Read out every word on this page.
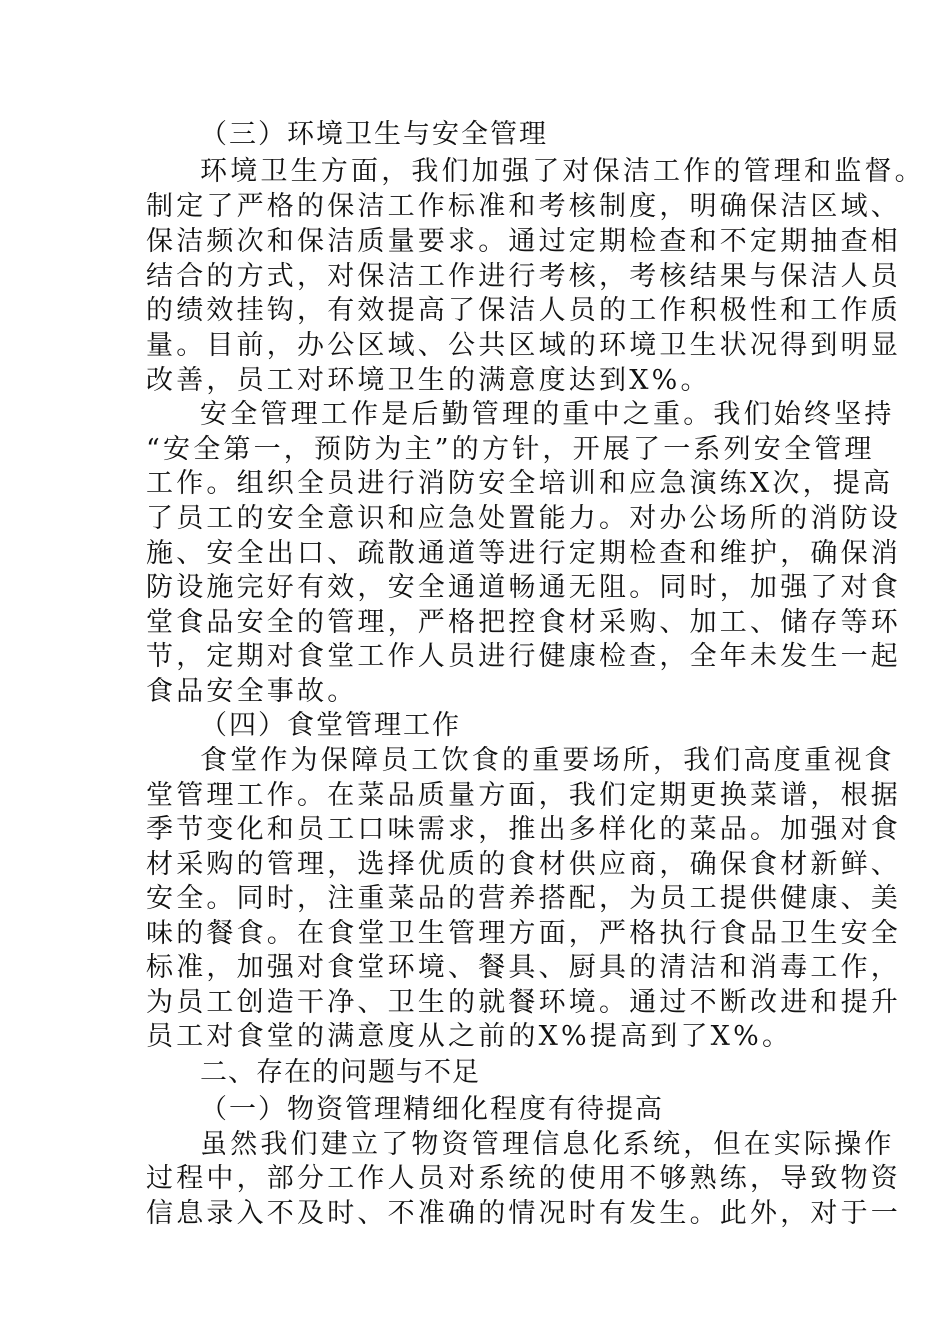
（三）环境卫生与安全管理
环境卫生方面，我们加强了对保洁工作的管理和监督。
制定了严格的保洁工作标准和考核制度，明确保洁区域、
保洁频次和保洁质量要求。通过定期检查和不定期抽查相
结合的方式，对保洁工作进行考核，考核结果与保洁人员
的绩效挂钩，有效提高了保洁人员的工作积极性和工作质
量。目前，办公区域、公共区域的环境卫生状况得到明显
改善，员工对环境卫生的满意度达到X%。
安全管理工作是后勤管理的重中之重。我们始终坚持
“安全第一，预防为主”的方针，开展了一系列安全管理
工作。组织全员进行消防安全培训和应急演练X次，提高
了员工的安全意识和应急处置能力。对办公场所的消防设
施、安全出口、疏散通道等进行定期检查和维护，确保消
防设施完好有效，安全通道畅通无阻。同时，加强了对食
堂食品安全的管理，严格把控食材采购、加工、储存等环
节，定期对食堂工作人员进行健康检查，全年未发生一起
食品安全事故。
（四）食堂管理工作
食堂作为保障员工饮食的重要场所，我们高度重视食
堂管理工作。在菜品质量方面，我们定期更换菜谱，根据
季节变化和员工口味需求，推出多样化的菜品。加强对食
材采购的管理，选择优质的食材供应商，确保食材新鲜、
安全。同时，注重菜品的营养搭配，为员工提供健康、美
味的餐食。在食堂卫生管理方面，严格执行食品卫生安全
标准，加强对食堂环境、餐具、厨具的清洁和消毒工作，
为员工创造干净、卫生的就餐环境。通过不断改进和提升
员工对食堂的满意度从之前的X%提高到了X%。
二、存在的问题与不足
（一）物资管理精细化程度有待提高
虽然我们建立了物资管理信息化系统，但在实际操作
过程中，部分工作人员对系统的使用不够熟练，导致物资
信息录入不及时、不准确的情况时有发生。此外，对于一
